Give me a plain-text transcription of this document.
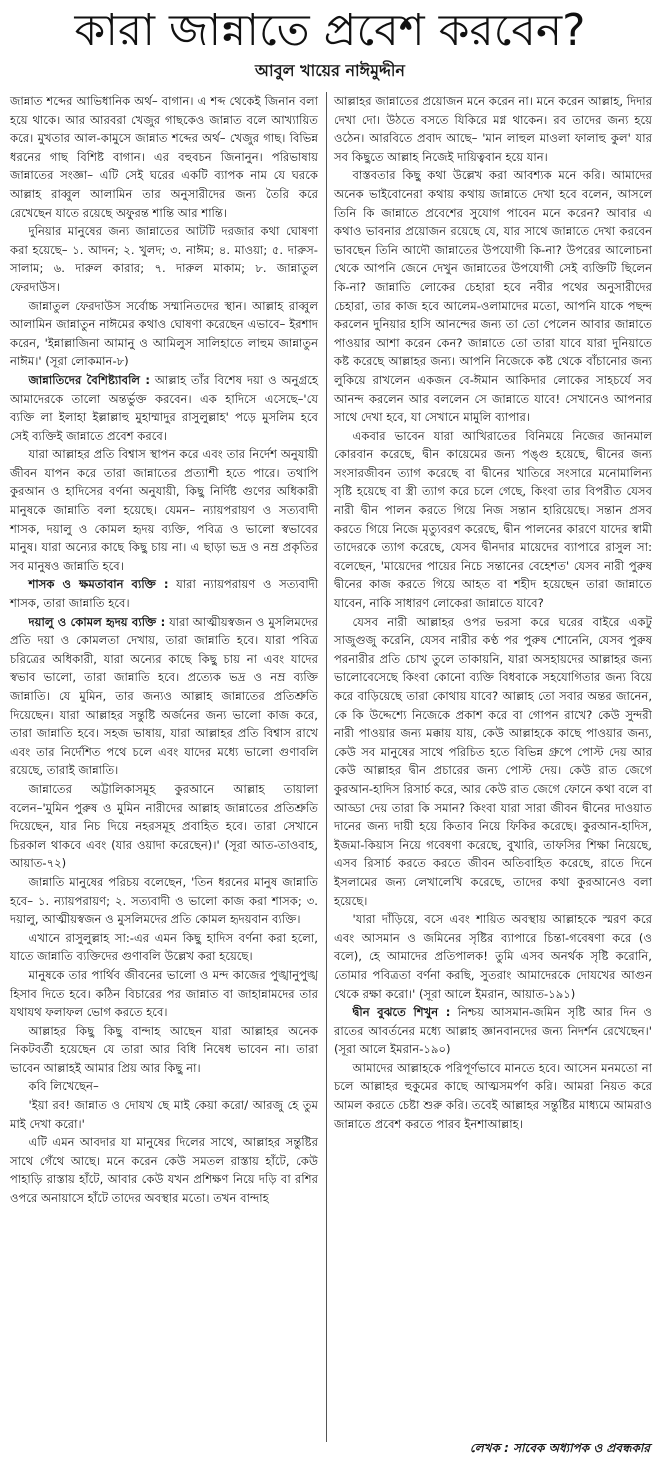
কারা জান্নাতে প্রবেশ করবেন?
আবুল খায়ের নাঈমুদ্দীন

জান্নাত শব্দের আভিধানিক অর্থ– বাগান। এ শব্দ থেকেই জিনান বলা হয়ে থাকে। আর আরবরা খেজুর গাছকেও জান্নাত বলে আখ্যায়িত করে। মুখতার আল-কামুসে জান্নাত শব্দের অর্থ– খেজুর গাছ। বিভিন্ন ধরনের গাছ বিশিষ্ট বাগান। এর বহুবচন জিনানুন। পরিভাষায় জান্নাতের সংজ্ঞা– এটি সেই ঘরের একটি ব্যাপক নাম যে ঘরকে আল্লাহ রাব্বুল আলামিন তার অনুসারীদের জন্য তৈরি করে রেখেছেন যাতে রয়েছে অফুরন্ত শান্তি আর শান্তি।

দুনিয়ার মানুষের জন্য জান্নাতের আটটি দরজার কথা ঘোষণা করা হয়েছে– ১. আদন; ২. খুলদ; ৩. নাঈম; ৪. মাওয়া; ৫. দারুস-সালাম; ৬. দারুল কারার; ৭. দারুল মাকাম; ৮. জান্নাতুল ফেরদাউস।

জান্নাতুল ফেরদাউস সর্বোচ্চ সম্মানিতদের স্থান। আল্লাহ রাব্বুল আলামিন জান্নাতুন নাঈমের কথাও ঘোষণা করেছেন এভাবে– ইরশাদ করেন, 'ইন্নাল্লাজিনা আমানু ও আমিলুস সালিহাতে লাহুম জান্নাতুন নাঈম।' (সূরা লোকমান-৮)

জান্নাতিদের বৈশিষ্ট্যাবলি : আল্লাহ তাঁর বিশেষ দয়া ও অনুগ্রহে আমাদেরকে তালো অন্তর্ভুক্ত করবেন। এক হাদিসে এসেছে–'যে ব্যক্তি লা ইলাহা ইল্লাল্লাহু মুহাম্মাদুর রাসুলুল্লাহ' পড়ে মুসলিম হবে সেই ব্যক্তিই জান্নাতে প্রবেশ করবে।

যারা আল্লাহর প্রতি বিশ্বাস স্থাপন করে এবং তার নির্দেশ অনুযায়ী জীবন যাপন করে তারা জান্নাতের প্রত্যাশী হতে পারে। তথাপি কুরআন ও হাদিসের বর্ণনা অনুযায়ী, কিছু নির্দিষ্ট গুণের অধিকারী মানুষকে জান্নাতি বলা হয়েছে। যেমন– ন্যায়পরায়ণ ও সত্যবাদী শাসক, দয়ালু ও কোমল হৃদয় ব্যক্তি, পবিত্র ও ভালো স্বভাবের মানুষ। যারা অন্যের কাছে কিছু চায় না। এ ছাড়া ভদ্র ও নম্র প্রকৃতির সব মানুষও জান্নাতি হবে।

শাসক ও ক্ষমতাবান ব্যক্তি : যারা ন্যায়পরায়ণ ও সত্যবাদী শাসক, তারা জান্নাতি হবে।

দয়ালু ও কোমল হৃদয় ব্যক্তি : যারা আত্মীয়স্বজন ও মুসলিমদের প্রতি দয়া ও কোমলতা দেখায়, তারা জান্নাতি হবে। যারা পবিত্র চরিত্রের অধিকারী, যারা অন্যের কাছে কিছু চায় না এবং যাদের স্বভাব ভালো, তারা জান্নাতি হবে। প্রত্যেক ভদ্র ও নম্র ব্যক্তি জান্নাতি। যে মুমিন, তার জন্যও আল্লাহ জান্নাতের প্রতিশ্রুতি দিয়েছেন। যারা আল্লাহর সন্তুষ্টি অর্জনের জন্য ভালো কাজ করে, তারা জান্নাতি হবে। সহজ ভাষায়, যারা আল্লাহর প্রতি বিশ্বাস রাখে এবং তার নির্দেশিত পথে চলে এবং যাদের মধ্যে ভালো গুণাবলি রয়েছে, তারাই জান্নাতি।

জান্নাতের অট্টালিকাসমূহ কুরআনে আল্লাহ তায়ালা বলেন–'মুমিন পুরুষ ও মুমিন নারীদের আল্লাহ জান্নাতের প্রতিশ্রুতি দিয়েছেন, যার নিচ দিয়ে নহরসমূহ প্রবাহিত হবে। তারা সেখানে চিরকাল থাকবে এবং (যার ওয়াদা করেছেন)।' (সূরা আত-তাওবাহ, আয়াত-৭২)

জান্নাতি মানুষের পরিচয় বলেছেন, 'তিন ধরনের মানুষ জান্নাতি হবে– ১. ন্যায়পরায়ণ; ২. সত্যবাদী ও ভালো কাজ করা শাসক; ৩. দয়ালু, আত্মীয়স্বজন ও মুসলিমদের প্রতি কোমল হৃদয়বান ব্যক্তি।

এখানে রাসুলুল্লাহ সা:-এর এমন কিছু হাদিস বর্ণনা করা হলো, যাতে জান্নাতি ব্যক্তিদের গুণাবলি উল্লেখ করা হয়েছে।

মানুষকে তার পার্থিব জীবনের ভালো ও মন্দ কাজের পুঙ্খানুপুঙ্খ হিসাব দিতে হবে। কঠিন বিচারের পর জান্নাত বা জাহান্নামদের তার যথাযথ ফলাফল ভোগ করতে হবে।

আল্লাহর কিছু কিছু বান্দাহ আছেন যারা আল্লাহর অনেক নিকটবর্তী হয়েছেন যে তারা আর বিধি নিষেধ ভাবেন না। তারা ভাবেন আল্লাহই আমার প্রিয় আর কিছু না।

কবি লিখেছেন–

'ইয়া রব! জান্নাত ও দোযখ ছে মাই কেয়া করো/ আরজু হে তুম মাই দেখা করো।'

এটি এমন আবদার যা মানুষের দিলের সাথে, আল্লাহর সন্তুষ্টির সাথে গেঁথে আছে। মনে করেন কেউ সমতল রাস্তায় হাঁটে, কেউ পাহাড়ি রাস্তায় হাঁটে, আবার কেউ যখন প্রশিক্ষণ নিয়ে দড়ি বা রশির ওপরে অনায়াসে হাঁটে তাদের অবস্থার মতো। তখন বান্দাহ

আল্লাহর জান্নাতের প্রয়োজন মনে করেন না। মনে করেন আল্লাহ, দিদার দেখা দো। উঠতে বসতে যিকিরে মগ্ন থাকেন। রব তাদের জন্য হয়ে ওঠেন। আরবিতে প্রবাদ আছে– 'মান লাহুল মাওলা ফালাহু কুল' যার সব কিছুতে আল্লাহ নিজেই দায়িত্ববান হয়ে যান।

বাস্তবতার কিছু কথা উল্লেখ করা আবশ্যক মনে করি। আমাদের অনেক ভাইবোনেরা কথায় কথায় জান্নাতে দেখা হবে বলেন, আসলে তিনি কি জান্নাতে প্রবেশের সুযোগ পাবেন মনে করেন? আবার এ কথাও ভাবনার প্রয়োজন রয়েছে যে, যার সাথে জান্নাতে দেখা করবেন ভাবছেন তিনি আদৌ জান্নাতের উপযোগী কি-না? উপরের আলোচনা থেকে আপনি জেনে দেখুন জান্নাতের উপযোগী সেই ব্যক্তিটি ছিলেন কি-না? জান্নাতি লোকের চেহারা হবে নবীর পথের অনুসারীদের চেহারা, তার কাজ হবে আলেম-ওলামাদের মতো, আপনি যাকে পছন্দ করলেন দুনিয়ার হাসি আনন্দের জন্য তা তো পেলেন আবার জান্নাতে পাওয়ার আশা করেন কেন? জান্নাতে তো তারা যাবে যারা দুনিয়াতে কষ্ট করেছে আল্লাহর জন্য। আপনি নিজেকে কষ্ট থেকে বাঁচানোর জন্য লুকিয়ে রাখলেন একজন বে-ঈমান আকিদার লোকের সাহচর্যে সব আনন্দ করলেন আর বললেন সে জান্নাতে যাবে! সেখানেও আপনার সাথে দেখা হবে, যা সেখানে মামুলি ব্যাপার।

একবার ভাবেন যারা আখিরাতের বিনিময়ে নিজের জানমাল কোরবান করেছে, দ্বীন কায়েমের জন্য পঙ্গু হয়েছে, দ্বীনের জন্য সংসারজীবন ত্যাগ করেছে বা দ্বীনের খাতিরে সংসারে মনোমালিন্য সৃষ্টি হয়েছে বা স্ত্রী ত্যাগ করে চলে গেছে, কিংবা তার বিপরীত যেসব নারী দ্বীন পালন করতে গিয়ে নিজ সন্তান হারিয়েছে। সন্তান প্রসব করতে গিয়ে নিজে মৃত্যুবরণ করেছে, দ্বীন পালনের কারণে যাদের স্বামী তাদেরকে ত্যাগ করেছে, যেসব দ্বীনদার মায়েদের ব্যাপারে রাসুল সা: বলেছেন, 'মায়েদের পায়ের নিচে সন্তানের বেহেশত' যেসব নারী পুরুষ দ্বীনের কাজ করতে গিয়ে আহত বা শহীদ হয়েছেন তারা জান্নাতে যাবেন, নাকি সাধারণ লোকেরা জান্নাতে যাবে?

যেসব নারী আল্লাহর ওপর ভরসা করে ঘরের বাইরে একটু সাজুগুজু করেনি, যেসব নারীর কণ্ঠ পর পুরুষ শোনেনি, যেসব পুরুষ পরনারীর প্রতি চোখ তুলে তাকায়নি, যারা অসহায়দের আল্লাহর জন্য ভালোবেসেছে কিংবা কোনো ব্যক্তি বিধবাকে সহযোগিতার জন্য বিয়ে করে বাড়িয়েছে তারা কোথায় যাবে? আল্লাহ তো সবার অন্তর জানেন, কে কি উদ্দেশ্যে নিজেকে প্রকাশ করে বা গোপন রাখে? কেউ সুন্দরী নারী পাওয়ার জন্য মক্কায় যায়, কেউ আল্লাহকে কাছে পাওয়ার জন্য, কেউ সব মানুষের সাথে পরিচিত হতে বিভিন্ন গ্রুপে পোস্ট দেয় আর কেউ আল্লাহর দ্বীন প্রচারের জন্য পোস্ট দেয়। কেউ রাত জেগে কুরআন-হাদিস রিসার্চ করে, আর কেউ রাত জেগে ফোনে কথা বলে বা আড্ডা দেয় তারা কি সমান? কিংবা যারা সারা জীবন দ্বীনের দাওয়াত দানের জন্য দায়ী হয়ে কিতাব নিয়ে ফিকির করেছে। কুরআন-হাদিস, ইজমা-কিয়াস নিয়ে গবেষণা করেছে, বুখারি, তাফসির শিক্ষা নিয়েছে, এসব রিসার্চ করতে করতে জীবন অতিবাহিত করেছে, রাতে দিনে ইসলামের জন্য লেখালেখি করেছে, তাদের কথা কুরআনেও বলা হয়েছে।

'যারা দাঁড়িয়ে, বসে এবং শায়িত অবস্থায় আল্লাহকে স্মরণ করে এবং আসমান ও জমিনের সৃষ্টির ব্যাপারে চিন্তা-গবেষণা করে (ও বলে), হে আমাদের প্রতিপালক! তুমি এসব অনর্থক সৃষ্টি করোনি, তোমার পবিত্রতা বর্ণনা করছি, সুতরাং আমাদেরকে দোযখের আগুন থেকে রক্ষা করো।' (সূরা আলে ইমরান, আয়াত-১৯১)

দ্বীন বুঝতে শিখুন : নিশ্চয় আসমান-জমিন সৃষ্টি আর দিন ও রাতের আবর্তনের মধ্যে আল্লাহ জ্ঞানবানদের জন্য নিদর্শন রেখেছেন।' (সূরা আলে ইমরান-১৯০)

আমাদের আল্লাহকে পরিপূর্ণভাবে মানতে হবে। আসেন মনমতো না চলে আল্লাহর হুকুমের কাছে আত্মসমর্পণ করি। আমরা নিয়ত করে আমল করতে চেষ্টা শুরু করি। তবেই আল্লাহর সন্তুষ্টির মাধ্যমে আমরাও জান্নাতে প্রবেশ করতে পারব ইনশাআল্লাহ।

লেখক : সাবেক অধ্যাপক ও প্রবন্ধকার
